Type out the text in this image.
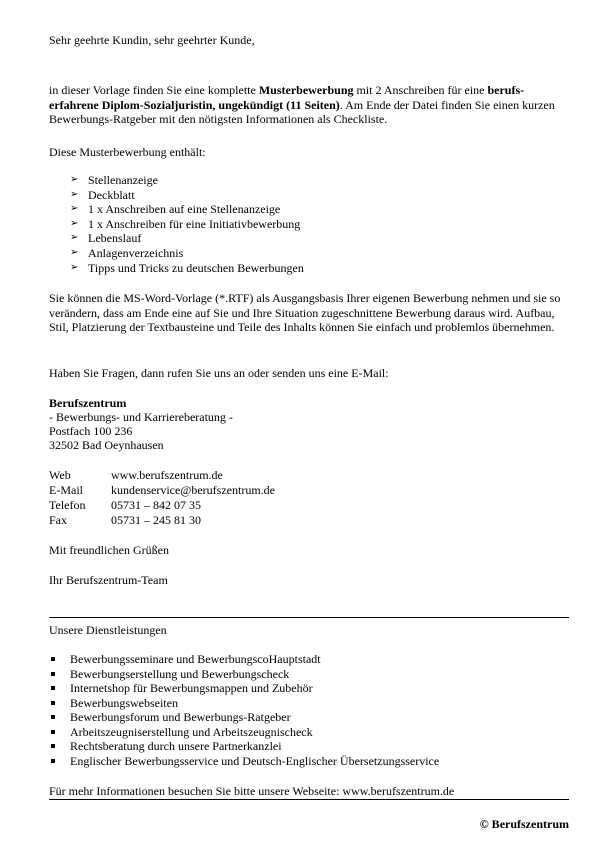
Sehr geehrte Kundin, sehr geehrter Kunde,
in dieser Vorlage finden Sie eine komplette Musterbewerbung mit 2 Anschreiben für eine berufs-erfahrene Diplom-Sozialjuristin, ungekündigt (11 Seiten). Am Ende der Datei finden Sie einen kurzen Bewerbungs-Ratgeber mit den nötigsten Informationen als Checkliste.
Diese Musterbewerbung enthält:
➢ Stellenanzeige
➢ Deckblatt
➢ 1 x Anschreiben auf eine Stellenanzeige
➢ 1 x Anschreiben für eine Initiativbewerbung
➢ Lebenslauf
➢ Anlagenverzeichnis
➢ Tipps und Tricks zu deutschen Bewerbungen
Sie können die MS-Word-Vorlage (*.RTF) als Ausgangsbasis Ihrer eigenen Bewerbung nehmen und sie so verändern, dass am Ende eine auf Sie und Ihre Situation zugeschnittene Bewerbung daraus wird. Aufbau, Stil, Platzierung der Textbausteine und Teile des Inhalts können Sie einfach und problemlos übernehmen.
Haben Sie Fragen, dann rufen Sie uns an oder senden uns eine E-Mail:
Berufszentrum
- Bewerbungs- und Karriereberatung -
Postfach 100 236
32502 Bad Oeynhausen
Web	www.berufszentrum.de
E-Mail kundenservice@berufszentrum.de
Telefon 05731 – 842 07 35
Fax	05731 – 245 81 30
Mit freundlichen Grüßen
Ihr Berufszentrum-Team
Unsere Dienstleistungen
Bewerbungsseminare und BewerbungscoHauptstadt
Bewerbungserstellung und Bewerbungscheck
Internetshop für Bewerbungsmappen und Zubehör
Bewerbungswebseiten
Bewerbungsforum und Bewerbungs-Ratgeber
Arbeitszeugniserstellung und Arbeitszeugnischeck
Rechtsberatung durch unsere Partnerkanzlei
Englischer Bewerbungsservice und Deutsch-Englischer Übersetzungsservice
Für mehr Informationen besuchen Sie bitte unsere Webseite: www.berufszentrum.de
© Berufszentrum
